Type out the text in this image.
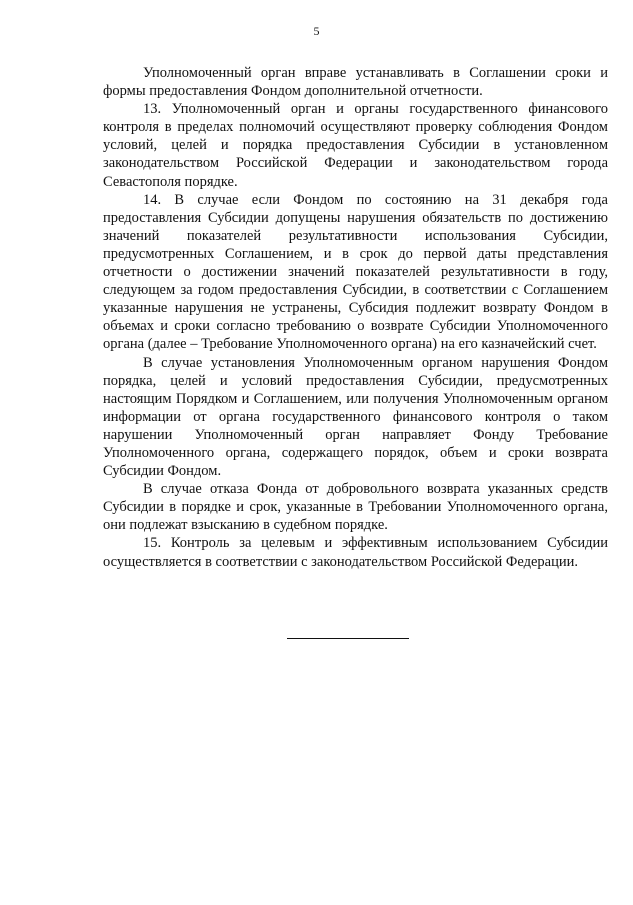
5

Уполномоченный орган вправе устанавливать в Соглашении сроки и формы предоставления Фондом дополнительной отчетности.

13. Уполномоченный орган и органы государственного финансового контроля в пределах полномочий осуществляют проверку соблюдения Фондом условий, целей и порядка предоставления Субсидии в установленном законодательством Российской Федерации и законодательством города Севастополя порядке.

14. В случае если Фондом по состоянию на 31 декабря года предоставления Субсидии допущены нарушения обязательств по достижению значений показателей результативности использования Субсидии, предусмотренных Соглашением, и в срок до первой даты представления отчетности о достижении значений показателей результативности в году, следующем за годом предоставления Субсидии, в соответствии с Соглашением указанные нарушения не устранены, Субсидия подлежит возврату Фондом в объемах и сроки согласно требованию о возврате Субсидии Уполномоченного органа (далее – Требование Уполномоченного органа) на его казначейский счет.

В случае установления Уполномоченным органом нарушения Фондом порядка, целей и условий предоставления Субсидии, предусмотренных настоящим Порядком и Соглашением, или получения Уполномоченным органом информации от органа государственного финансового контроля о таком нарушении Уполномоченный орган направляет Фонду Требование Уполномоченного органа, содержащего порядок, объем и сроки возврата Субсидии Фондом.

В случае отказа Фонда от добровольного возврата указанных средств Субсидии в порядке и срок, указанные в Требовании Уполномоченного органа, они подлежат взысканию в судебном порядке.

15. Контроль за целевым и эффективным использованием Субсидии осуществляется в соответствии с законодательством Российской Федерации.
